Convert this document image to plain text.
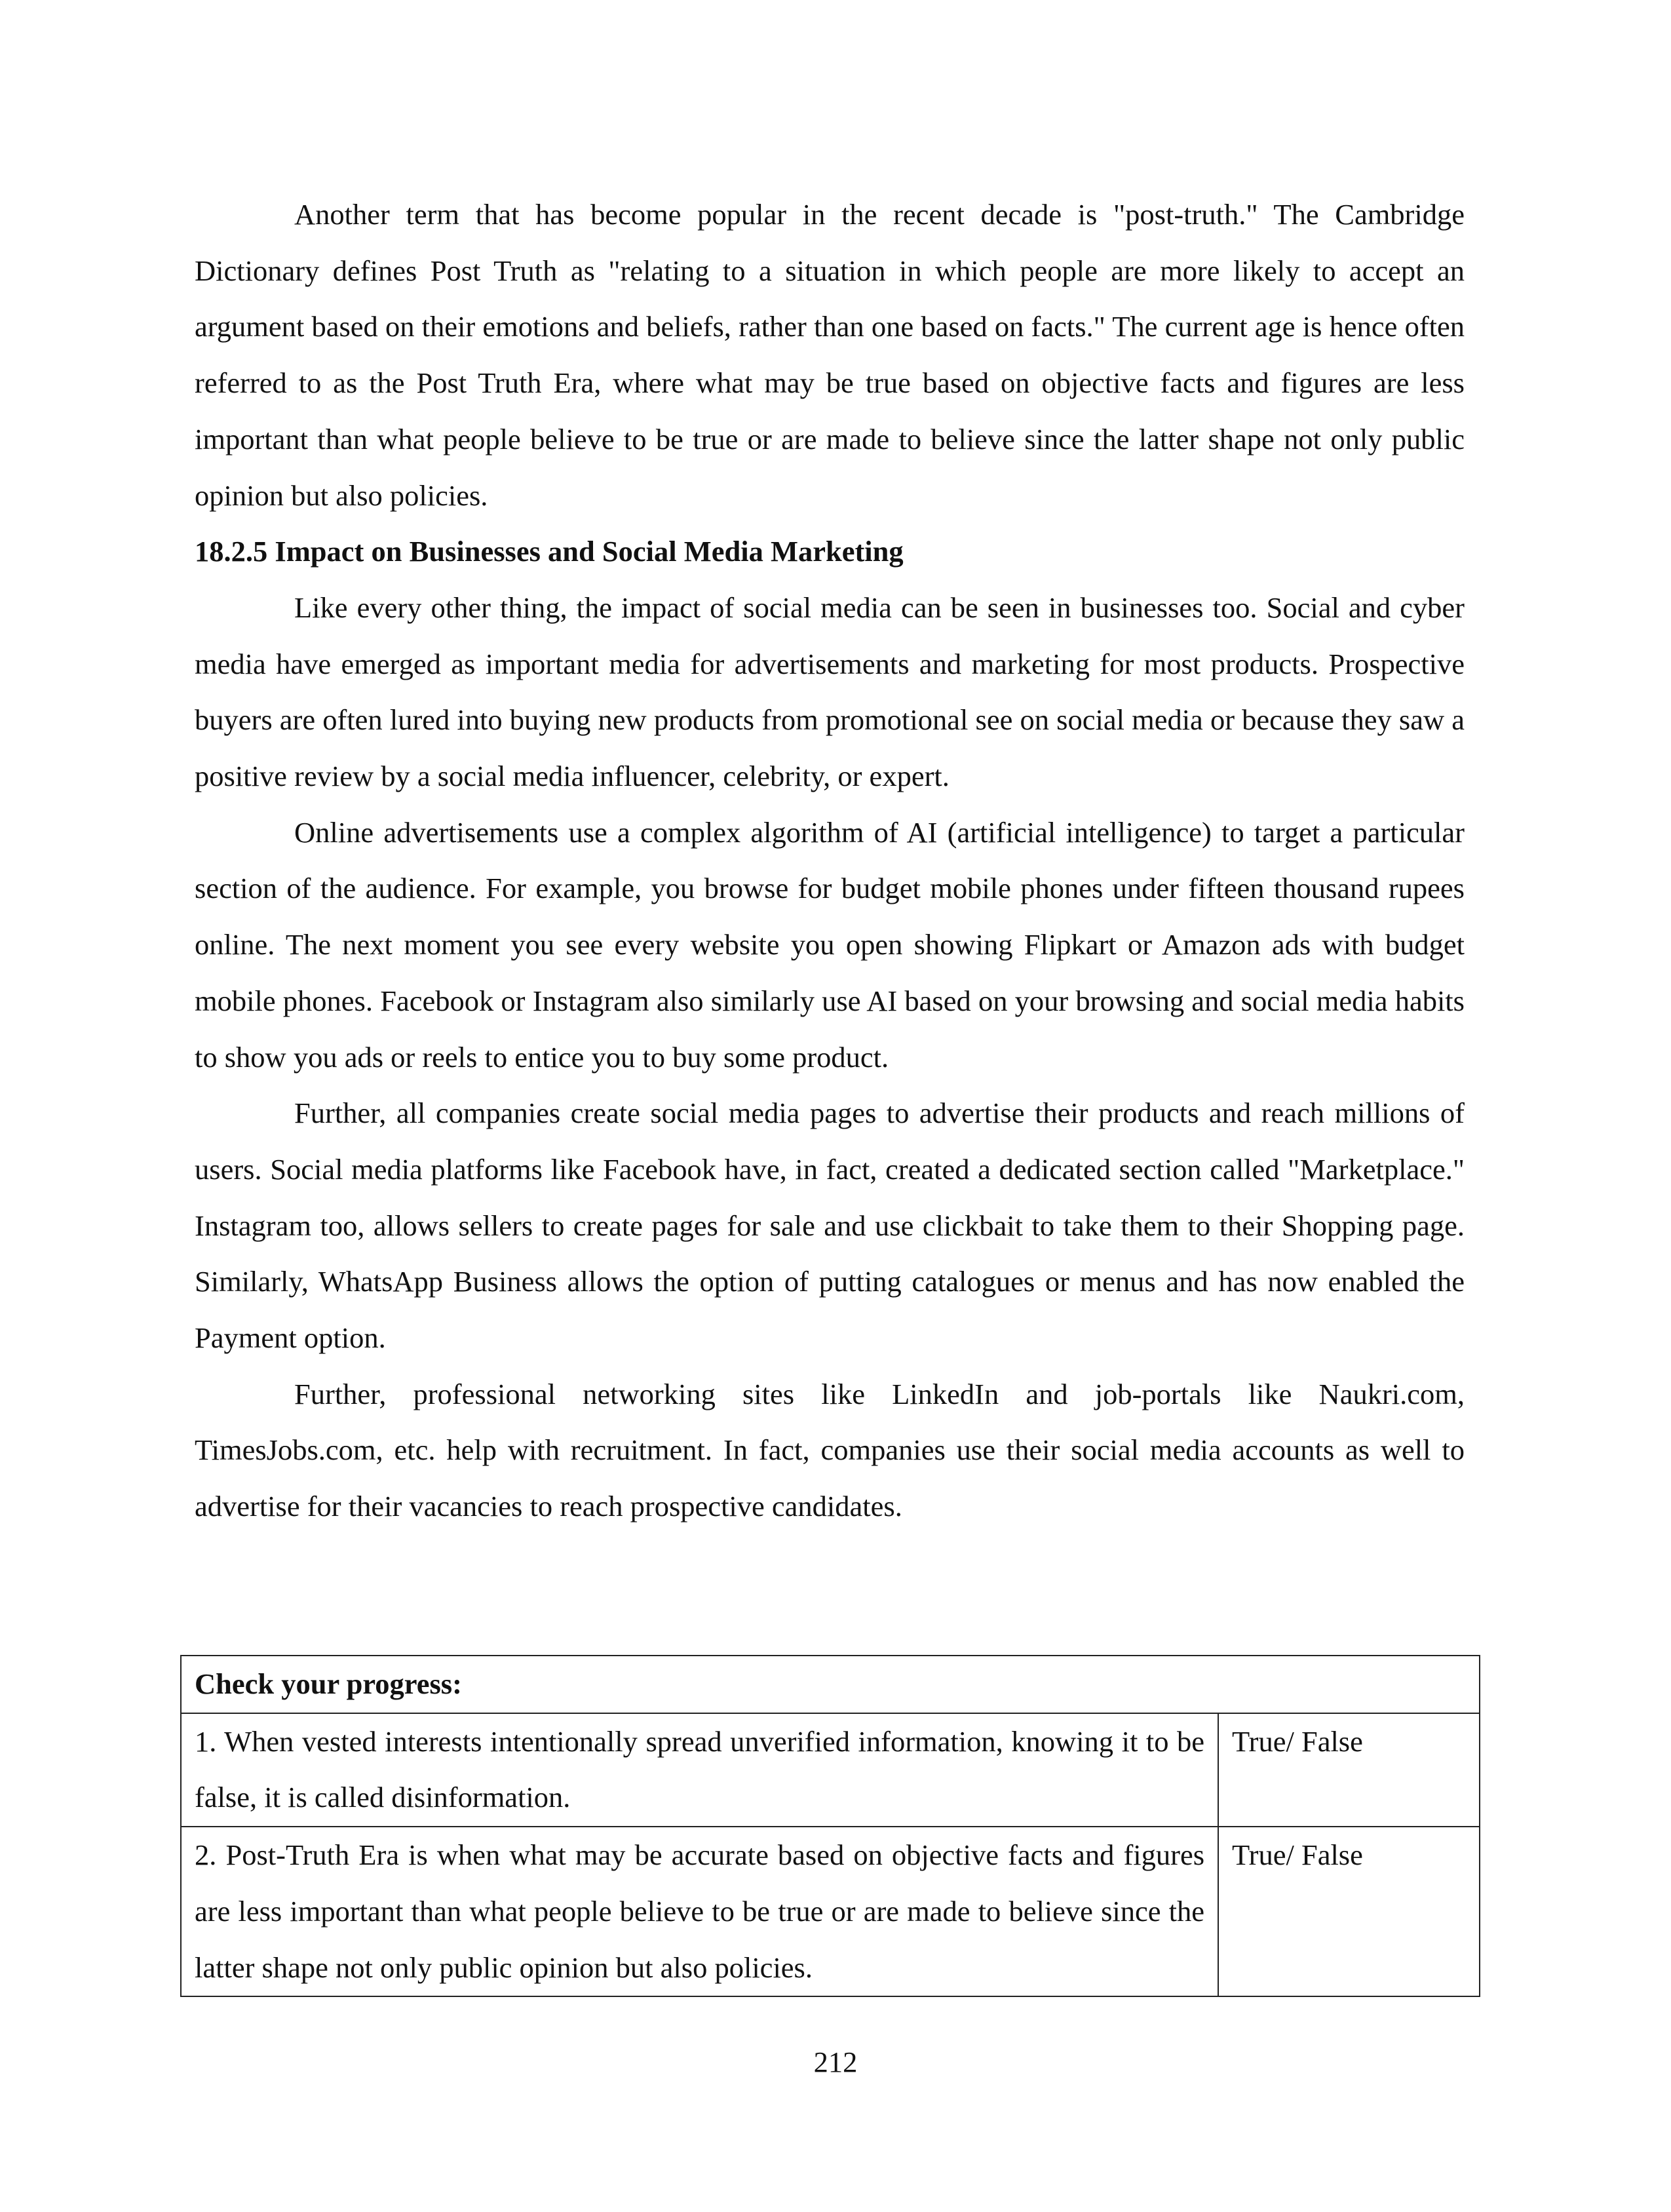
Another term that has become popular in the recent decade is "post-truth." The Cambridge Dictionary defines Post Truth as "relating to a situation in which people are more likely to accept an argument based on their emotions and beliefs, rather than one based on facts." The current age is hence often referred to as the Post Truth Era, where what may be true based on objective facts and figures are less important than what people believe to be true or are made to believe since the latter shape not only public opinion but also policies.

18.2.5 Impact on Businesses and Social Media Marketing

Like every other thing, the impact of social media can be seen in businesses too. Social and cyber media have emerged as important media for advertisements and marketing for most products. Prospective buyers are often lured into buying new products from promotional see on social media or because they saw a positive review by a social media influencer, celebrity, or expert.

Online advertisements use a complex algorithm of AI (artificial intelligence) to target a particular section of the audience. For example, you browse for budget mobile phones under fifteen thousand rupees online. The next moment you see every website you open showing Flipkart or Amazon ads with budget mobile phones. Facebook or Instagram also similarly use AI based on your browsing and social media habits to show you ads or reels to entice you to buy some product.

Further, all companies create social media pages to advertise their products and reach millions of users. Social media platforms like Facebook have, in fact, created a dedicated section called "Marketplace." Instagram too, allows sellers to create pages for sale and use clickbait to take them to their Shopping page. Similarly, WhatsApp Business allows the option of putting catalogues or menus and has now enabled the Payment option.

Further, professional networking sites like LinkedIn and job-portals like Naukri.com, TimesJobs.com, etc. help with recruitment. In fact, companies use their social media accounts as well to advertise for their vacancies to reach prospective candidates.

Check your progress:	
1. When vested interests intentionally spread unverified information, knowing it to be false, it is called disinformation.	True/ False
2. Post-Truth Era is when what may be accurate based on objective facts and figures are less important than what people believe to be true or are made to believe since the latter shape not only public opinion but also policies.	True/ False
212
